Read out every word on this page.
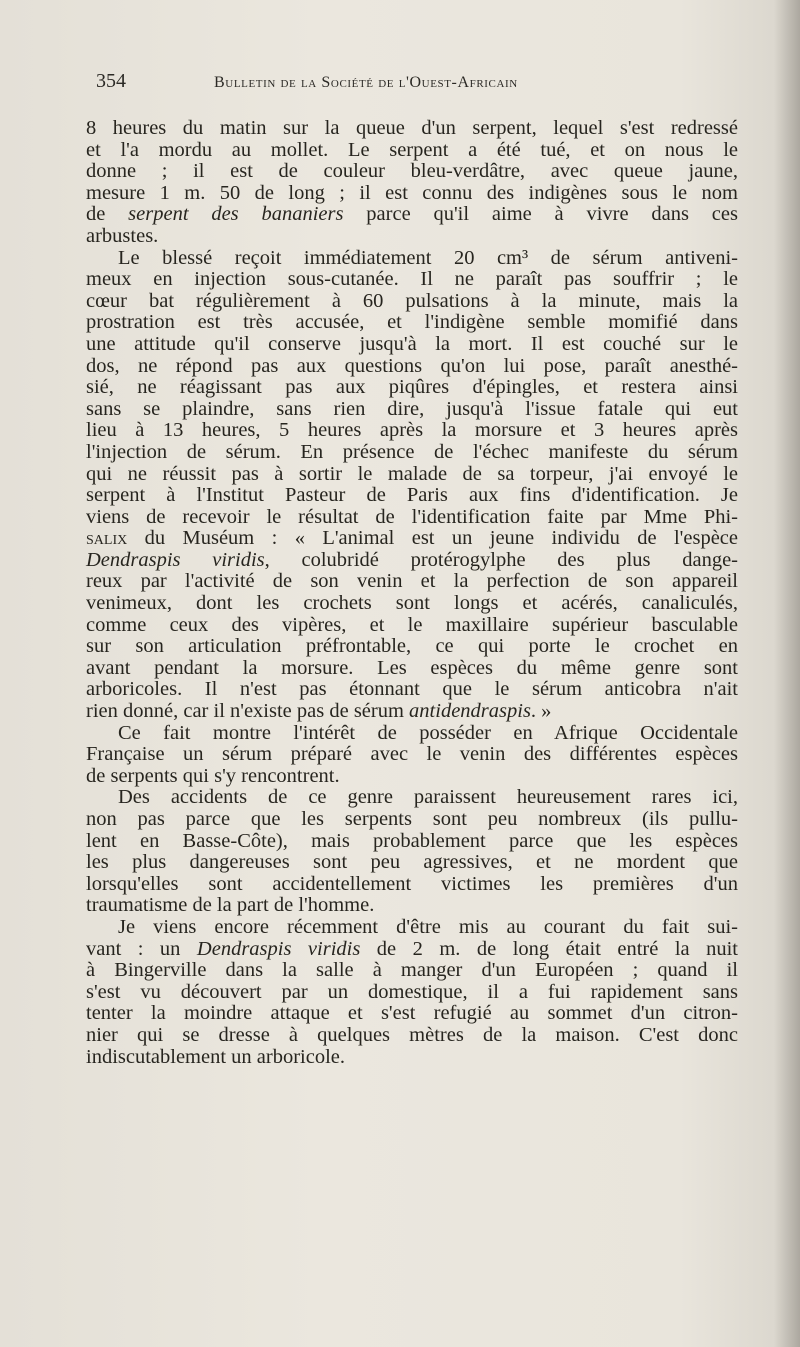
354	Bulletin de la Société de l'Ouest-Africain
8 heures du matin sur la queue d'un serpent, lequel s'est redressé
et l'a mordu au mollet. Le serpent a été tué, et on nous le
donne ; il est de couleur bleu-verdâtre, avec queue jaune,
mesure 1 m. 50 de long ; il est connu des indigènes sous le nom
de serpent des bananiers parce qu'il aime à vivre dans ces
arbustes.
Le blessé reçoit immédiatement 20 cm³ de sérum antiveni-
meux en injection sous-cutanée. Il ne paraît pas souffrir ; le
cœur bat régulièrement à 60 pulsations à la minute, mais la
prostration est très accusée, et l'indigène semble momifié dans
une attitude qu'il conserve jusqu'à la mort. Il est couché sur le
dos, ne répond pas aux questions qu'on lui pose, paraît anesthé-
sié, ne réagissant pas aux piqûres d'épingles, et restera ainsi
sans se plaindre, sans rien dire, jusqu'à l'issue fatale qui eut
lieu à 13 heures, 5 heures après la morsure et 3 heures après
l'injection de sérum. En présence de l'échec manifeste du sérum
qui ne réussit pas à sortir le malade de sa torpeur, j'ai envoyé le
serpent à l'Institut Pasteur de Paris aux fins d'identification. Je
viens de recevoir le résultat de l'identification faite par Mme Phi-
salix du Muséum : « L'animal est un jeune individu de l'espèce
Dendraspis viridis, colubridé protérogylphe des plus dange-
reux par l'activité de son venin et la perfection de son appareil
venimeux, dont les crochets sont longs et acérés, canaliculés,
comme ceux des vipères, et le maxillaire supérieur basculable
sur son articulation préfrontable, ce qui porte le crochet en
avant pendant la morsure. Les espèces du même genre sont
arboricoles. Il n'est pas étonnant que le sérum anticobra n'ait
rien donné, car il n'existe pas de sérum antidendraspis. »
Ce fait montre l'intérêt de posséder en Afrique Occidentale
Française un sérum préparé avec le venin des différentes espèces
de serpents qui s'y rencontrent.
Des accidents de ce genre paraissent heureusement rares ici,
non pas parce que les serpents sont peu nombreux (ils pullu-
lent en Basse-Côte), mais probablement parce que les espèces
les plus dangereuses sont peu agressives, et ne mordent que
lorsqu'elles sont accidentellement victimes les premières d'un
traumatisme de la part de l'homme.
Je viens encore récemment d'être mis au courant du fait sui-
vant : un Dendraspis viridis de 2 m. de long était entré la nuit
à Bingerville dans la salle à manger d'un Européen ; quand il
s'est vu découvert par un domestique, il a fui rapidement sans
tenter la moindre attaque et s'est refugié au sommet d'un citron-
nier qui se dresse à quelques mètres de la maison. C'est donc
indiscutablement un arboricole.
